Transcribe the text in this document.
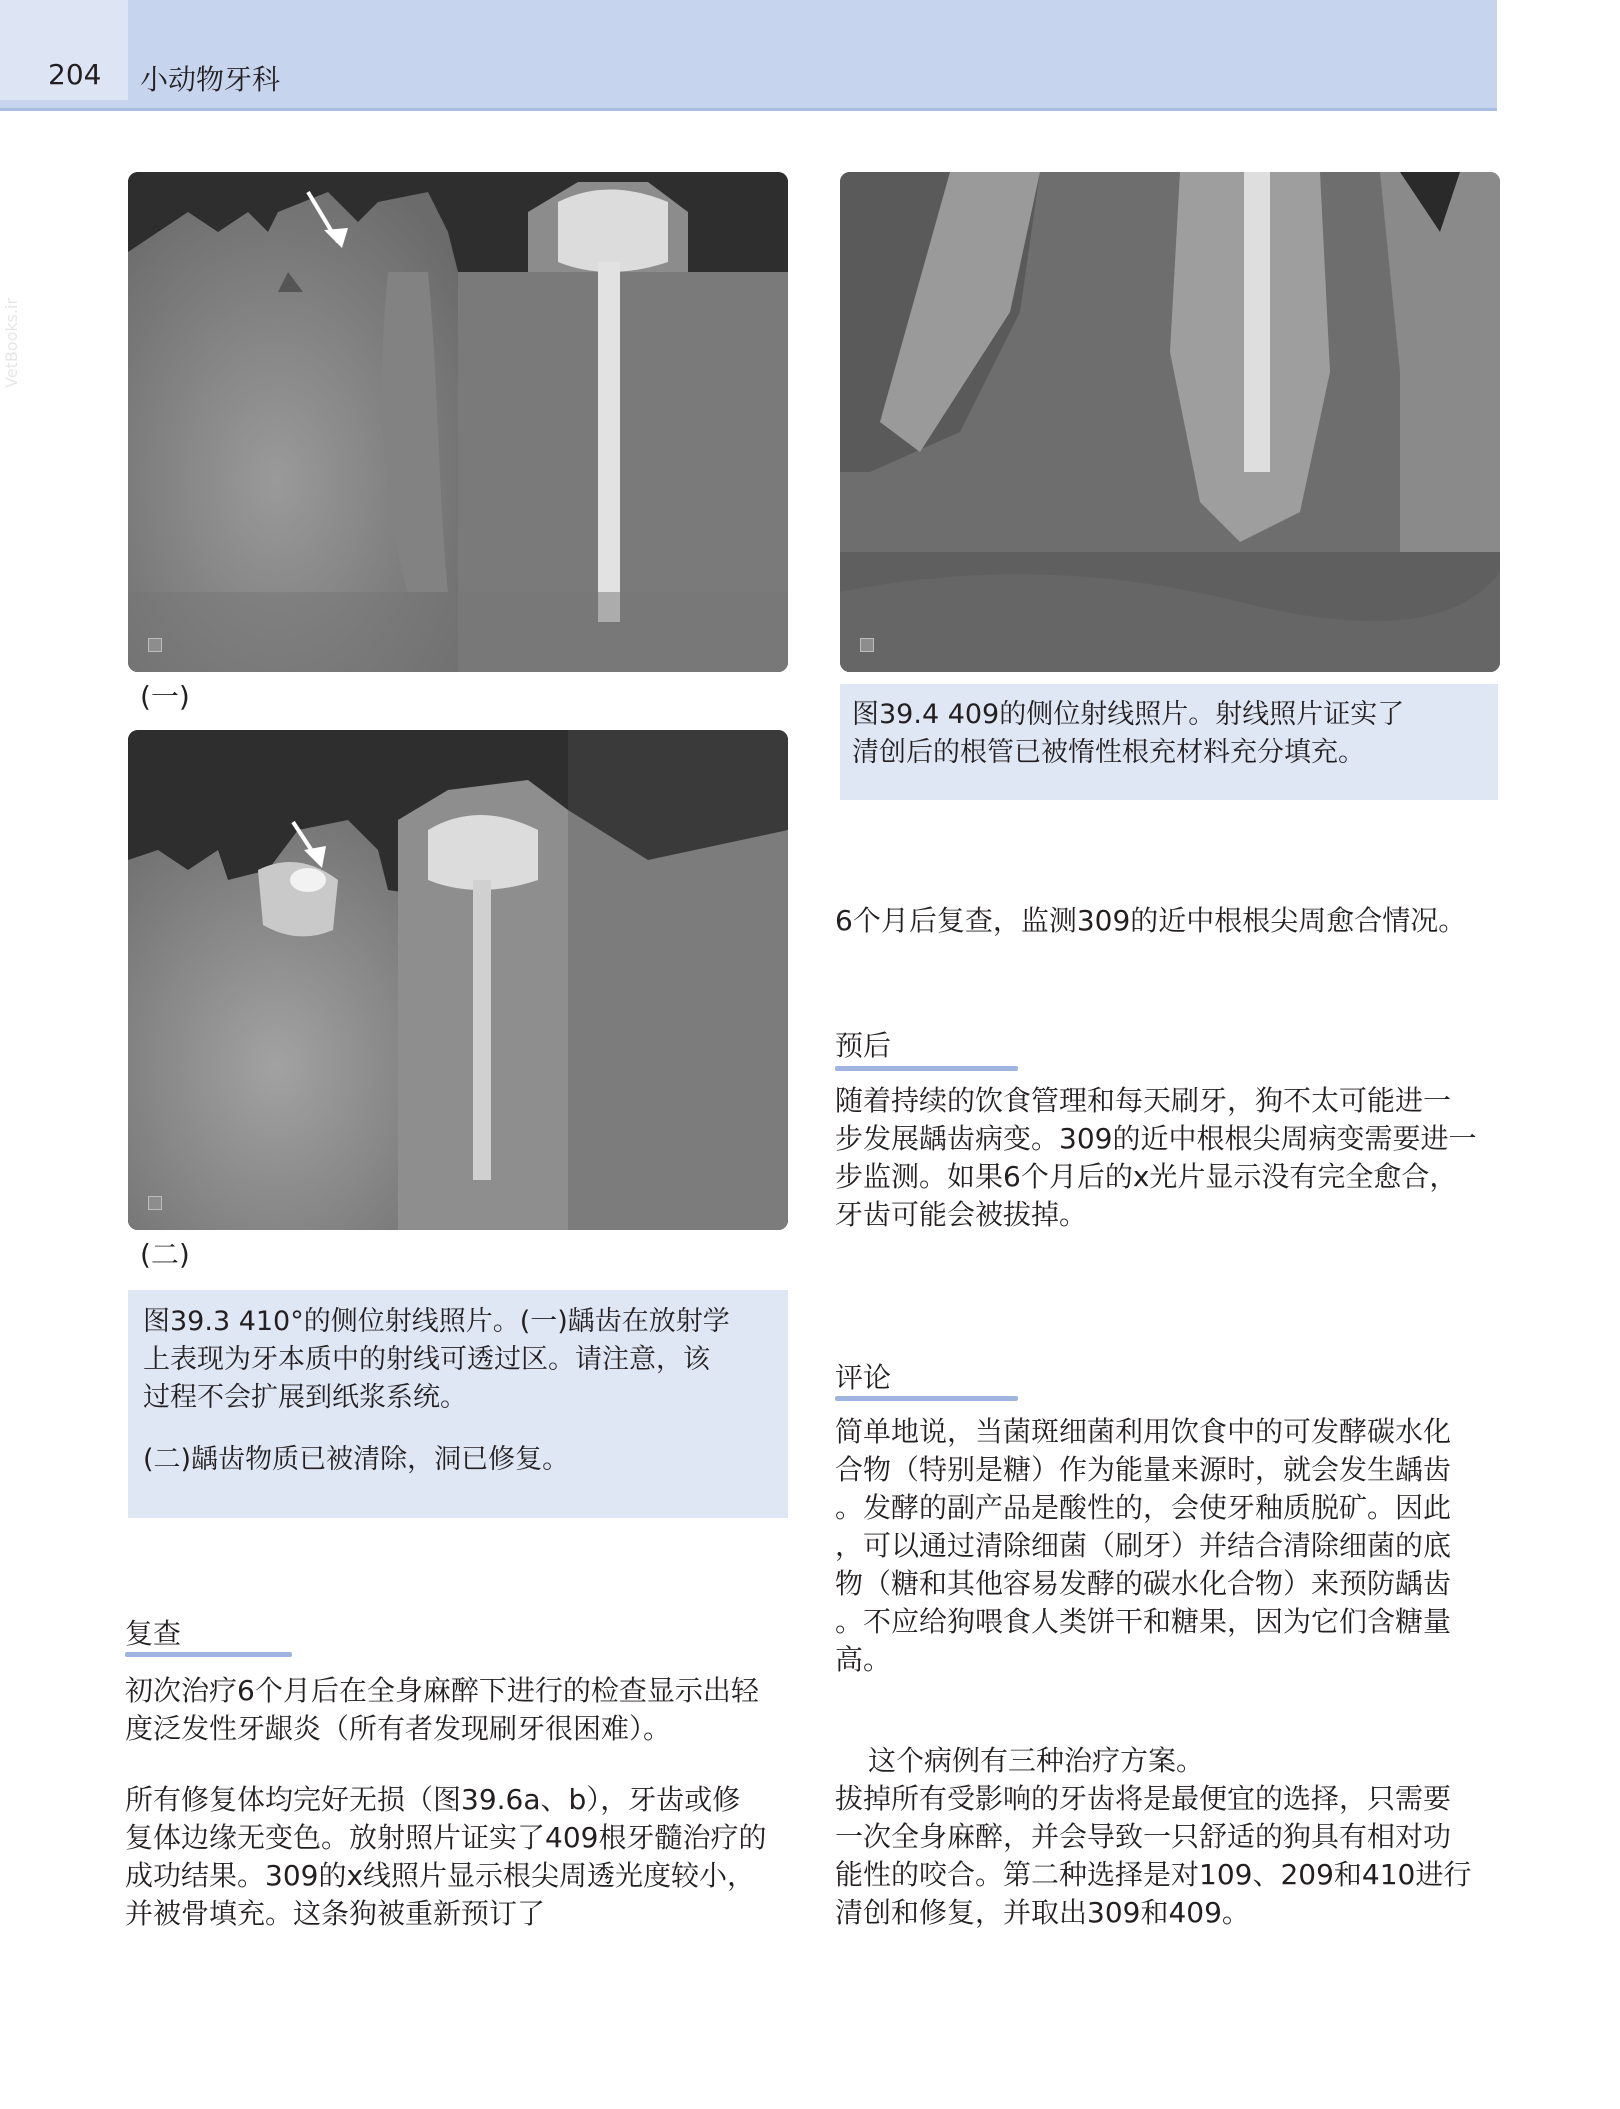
204 小动物牙科
VetBooks.ir
(一)
(二)
图39.3 410°的侧位射线照片。(一)龋齿在放射学
上表现为牙本质中的射线可透过区。请注意，该
过程不会扩展到纸浆系统。
(二)龋齿物质已被清除，洞已修复。
图39.4 409的侧位射线照片。射线照片证实了
清创后的根管已被惰性根充材料充分填充。
6个月后复查，监测309的近中根根尖周愈合情况。
预后
随着持续的饮食管理和每天刷牙，狗不太可能进一
步发展龋齿病变。309的近中根根尖周病变需要进一
步监测。如果6个月后的x光片显示没有完全愈合，
牙齿可能会被拔掉。
评论
简单地说，当菌斑细菌利用饮食中的可发酵碳水化
合物（特别是糖）作为能量来源时，就会发生龋齿
。发酵的副产品是酸性的，会使牙釉质脱矿。因此
，可以通过清除细菌（刷牙）并结合清除细菌的底
物（糖和其他容易发酵的碳水化合物）来预防龋齿
。不应给狗喂食人类饼干和糖果，因为它们含糖量
高。
这个病例有三种治疗方案。
拔掉所有受影响的牙齿将是最便宜的选择，只需要
一次全身麻醉，并会导致一只舒适的狗具有相对功
能性的咬合。第二种选择是对109、209和410进行
清创和修复，并取出309和409。
复查
初次治疗6个月后在全身麻醉下进行的检查显示出轻
度泛发性牙龈炎（所有者发现刷牙很困难）。
所有修复体均完好无损（图39.6a、b），牙齿或修
复体边缘无变色。放射照片证实了409根牙髓治疗的
成功结果。309的x线照片显示根尖周透光度较小，
并被骨填充。这条狗被重新预订了
